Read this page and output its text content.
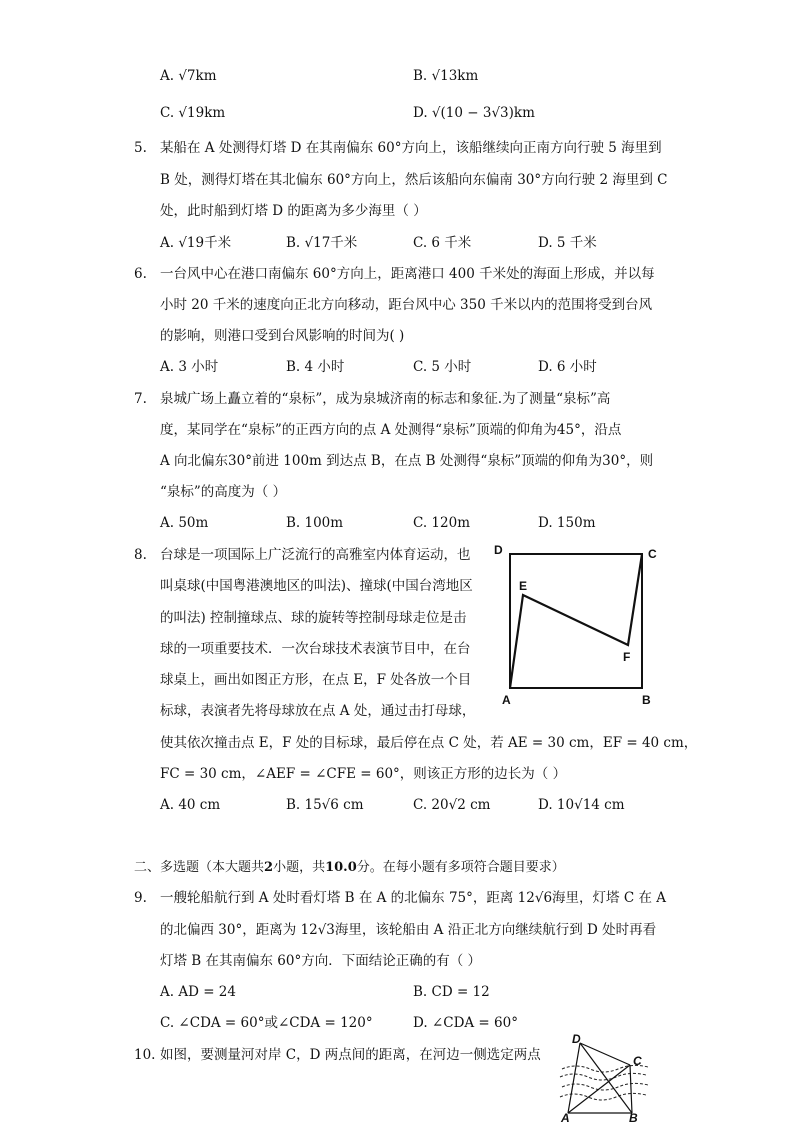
A. √7km	B. √13km
C. √19km	D. √(10 − 3√3)km
5. 某船在 A 处测得灯塔 D 在其南偏东 60°方向上，该船继续向正南方向行驶 5 海里到
B 处，测得灯塔在其北偏东 60°方向上，然后该船向东偏南 30°方向行驶 2 海里到 C
处，此时船到灯塔 D 的距离为多少海里（ ）
A. √19千米	B. √17千米	C. 6 千米	D. 5 千米
6. 一台风中心在港口南偏东 60°方向上，距离港口 400 千米处的海面上形成，并以每
小时 20 千米的速度向正北方向移动，距台风中心 350 千米以内的范围将受到台风
的影响，则港口受到台风影响的时间为( )
A. 3 小时	B. 4 小时	C. 5 小时	D. 6 小时
7. 泉城广场上矗立着的“泉标”，成为泉城济南的标志和象征.为了测量“泉标”高
度，某同学在“泉标”的正西方向的点 A 处测得“泉标”顶端的仰角为45°，沿点
A 向北偏东30°前进 100m 到达点 B，在点 B 处测得“泉标”顶端的仰角为30°，则
“泉标”的高度为（ ）
A. 50m	B. 100m	C. 120m	D. 150m
8. 台球是一项国际上广泛流行的高雅室内体育运动，也
叫桌球(中国粤港澳地区的叫法)、撞球(中国台湾地区
的叫法) 控制撞球点、球的旋转等控制母球走位是击
球的一项重要技术．一次台球技术表演节目中，在台
球桌上，画出如图正方形，在点 E，F 处各放一个目
标球，表演者先将母球放在点 A 处，通过击打母球，
使其依次撞击点 E，F 处的目标球，最后停在点 C 处，若 AE = 30 cm，EF = 40 cm，
FC = 30 cm，∠AEF = ∠CFE = 60°，则该正方形的边长为（ ）
A. 40 cm	B. 15√6 cm	C. 20√2 cm	D. 10√14 cm
D	C
E
F
A	B
二、多选题（本大题共2小题，共10.0分。在每小题有多项符合题目要求）
9. 一艘轮船航行到 A 处时看灯塔 B 在 A 的北偏东 75°，距离 12√6海里，灯塔 C 在 A
的北偏西 30°，距离为 12√3海里，该轮船由 A 沿正北方向继续航行到 D 处时再看
灯塔 B 在其南偏东 60°方向．下面结论正确的有（ ）
A. AD = 24	B. CD = 12
C. ∠CDA = 60°或∠CDA = 120°	D. ∠CDA = 60°
10. 如图，要测量河对岸 C，D 两点间的距离，在河边一侧选定两点
D
C
A	B
